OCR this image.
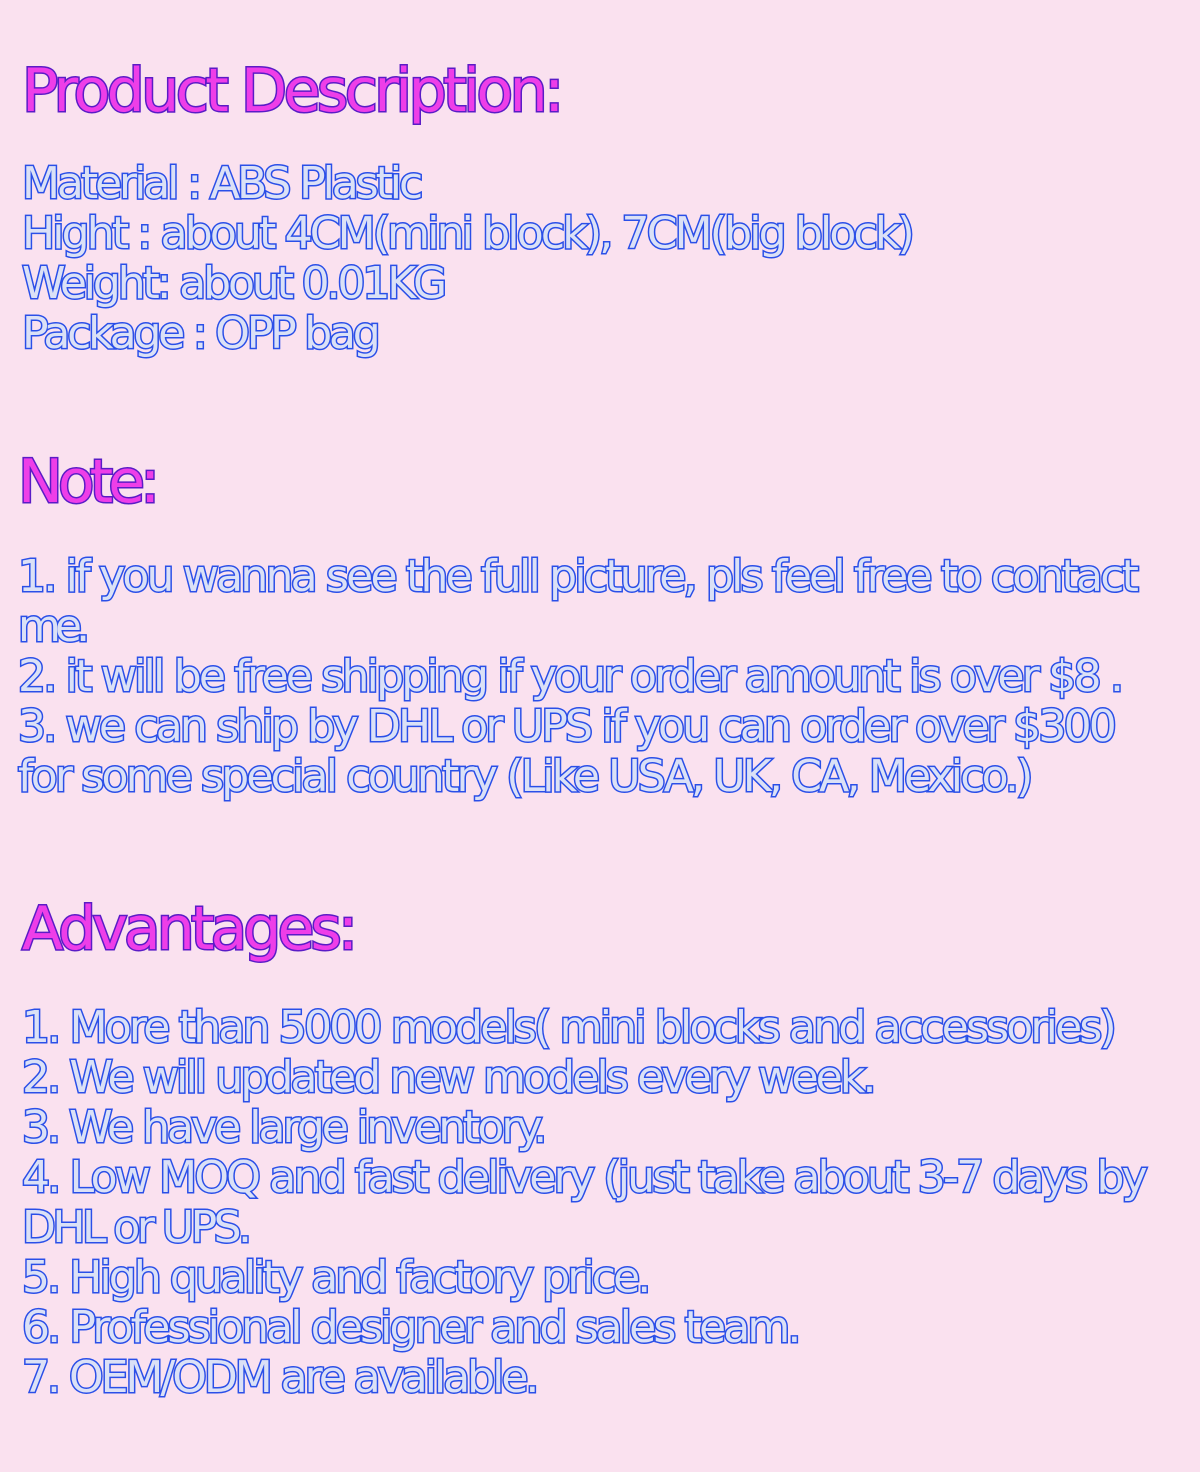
Product Description:
Material : ABS Plastic
Hight : about 4CM(mini block), 7CM(big block)
Weight: about 0.01KG
Package : OPP bag
Note:
1. if you wanna see the full picture, pls feel free to contact
me.
2. it will be free shipping if your order amount is over $8 .
3. we can ship by DHL or UPS if you can order over $300
for some special country (Like USA, UK, CA, Mexico.)
Advantages:
1. More than 5000 models( mini blocks and accessories)
2. We will updated new models every week.
3. We have large inventory.
4. Low MOQ and fast delivery (just take about 3-7 days by
DHL or UPS.
5. High quality and factory price.
6. Professional designer and sales team.
7. OEM/ODM are available.
